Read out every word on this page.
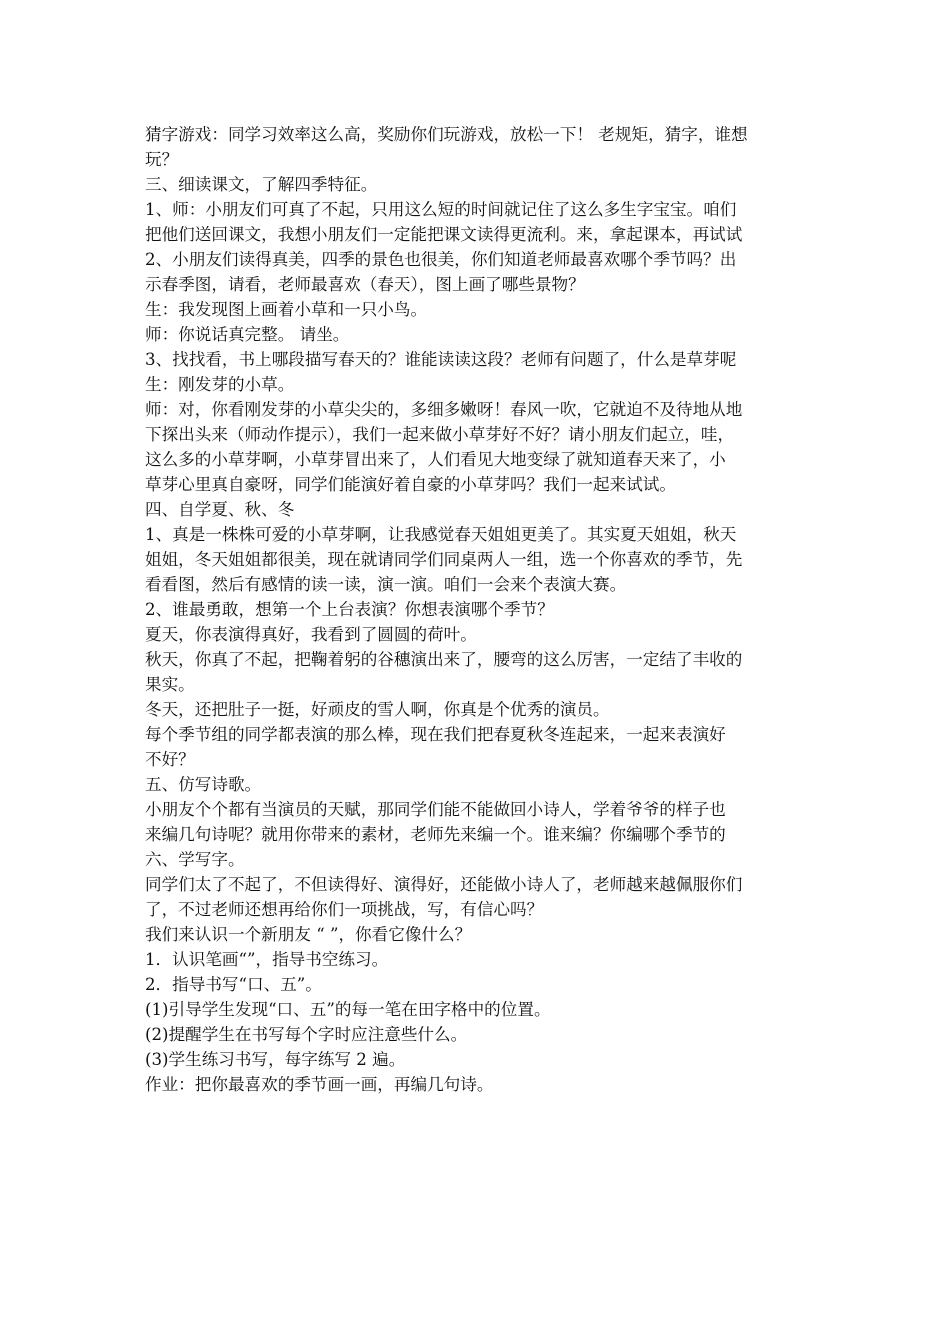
猜字游戏：同学习效率这么高，奖励你们玩游戏，放松一下！ 老规矩，猜字，谁想
玩？
三、细读课文，了解四季特征。
1、师：小朋友们可真了不起，只用这么短的时间就记住了这么多生字宝宝。咱们
把他们送回课文，我想小朋友们一定能把课文读得更流利。来，拿起课本，再试试
2、小朋友们读得真美，四季的景色也很美，你们知道老师最喜欢哪个季节吗？出
示春季图，请看，老师最喜欢（春天），图上画了哪些景物？
生：我发现图上画着小草和一只小鸟。
师：你说话真完整。 请坐。
3、找找看，书上哪段描写春天的？谁能读读这段？老师有问题了，什么是草芽呢
生：刚发芽的小草。
师：对，你看刚发芽的小草尖尖的，多细多嫩呀！春风一吹，它就迫不及待地从地
下探出头来（师动作提示），我们一起来做小草芽好不好？请小朋友们起立，哇，
这么多的小草芽啊，小草芽冒出来了，人们看见大地变绿了就知道春天来了，小
草芽心里真自豪呀，同学们能演好着自豪的小草芽吗？我们一起来试试。
四、自学夏、秋、冬
1、真是一株株可爱的小草芽啊，让我感觉春天姐姐更美了。其实夏天姐姐，秋天
姐姐，冬天姐姐都很美，现在就请同学们同桌两人一组，选一个你喜欢的季节，先
看看图，然后有感情的读一读，演一演。咱们一会来个表演大赛。
2、谁最勇敢，想第一个上台表演？你想表演哪个季节？
夏天，你表演得真好，我看到了圆圆的荷叶。
秋天，你真了不起，把鞠着躬的谷穗演出来了，腰弯的这么厉害，一定结了丰收的
果实。
冬天，还把肚子一挺，好顽皮的雪人啊，你真是个优秀的演员。
每个季节组的同学都表演的那么棒，现在我们把春夏秋冬连起来，一起来表演好
不好？
五、仿写诗歌。
小朋友个个都有当演员的天赋，那同学们能不能做回小诗人，学着爷爷的样子也
来编几句诗呢？就用你带来的素材，老师先来编一个。谁来编？你编哪个季节的
六、学写字。
同学们太了不起了，不但读得好、演得好，还能做小诗人了，老师越来越佩服你们
了，不过老师还想再给你们一项挑战，写，有信心吗？
我们来认识一个新朋友 “ ”，你看它像什么？
1．认识笔画“”，指导书空练习。
2．指导书写“口、五”。
(1)引导学生发现“口、五”的每一笔在田字格中的位置。
(2)提醒学生在书写每个字时应注意些什么。
(3)学生练习书写，每字练写 2 遍。
作业：把你最喜欢的季节画一画，再编几句诗。
